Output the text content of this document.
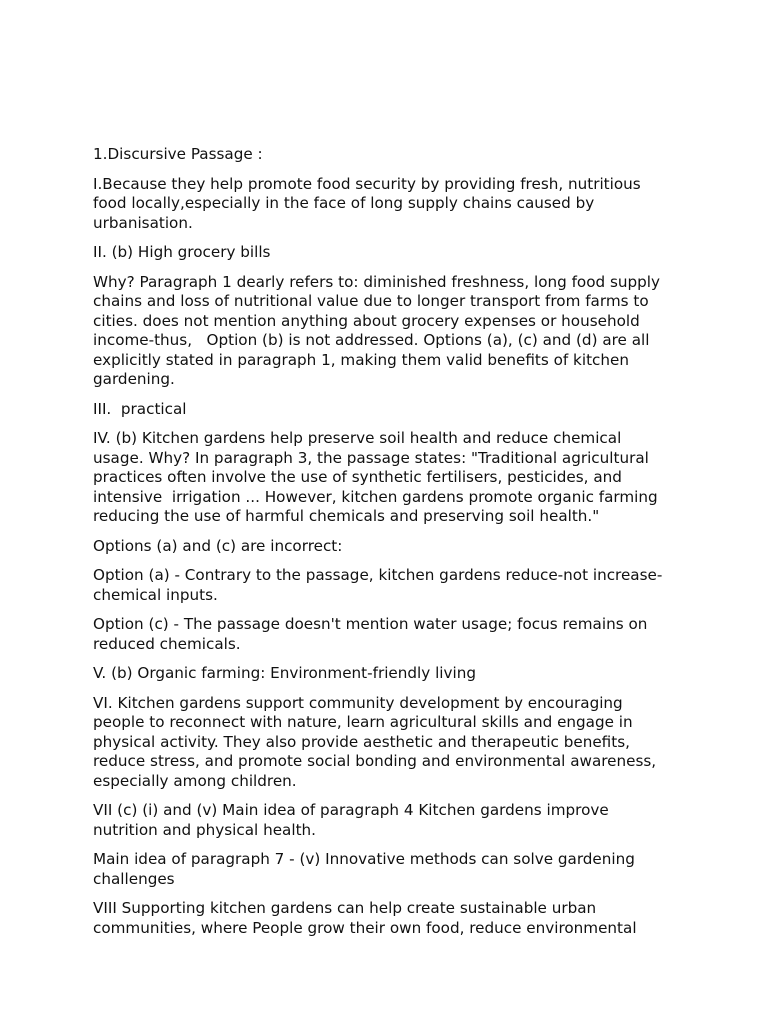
1.Discursive Passage :
I.Because they help promote food security by providing fresh, nutritious
food locally,especially in the face of long supply chains caused by
urbanisation.
II. (b) High grocery bills
Why? Paragraph 1 dearly refers to: diminished freshness, long food supply
chains and loss of nutritional value due to longer transport from farms to
cities. does not mention anything about grocery expenses or household
income-thus,   Option (b) is not addressed. Options (a), (c) and (d) are all
explicitly stated in paragraph 1, making them valid benefits of kitchen
gardening.
III.  practical
IV. (b) Kitchen gardens help preserve soil health and reduce chemical
usage. Why? In paragraph 3, the passage states: "Traditional agricultural
practices often involve the use of synthetic fertilisers, pesticides, and
intensive  irrigation ... However, kitchen gardens promote organic farming
reducing the use of harmful chemicals and preserving soil health."
Options (a) and (c) are incorrect:
Option (a) - Contrary to the passage, kitchen gardens reduce-not increase-
chemical inputs.
Option (c) - The passage doesn't mention water usage; focus remains on
reduced chemicals.
V. (b) Organic farming: Environment-friendly living
VI. Kitchen gardens support community development by encouraging
people to reconnect with nature, learn agricultural skills and engage in
physical activity. They also provide aesthetic and therapeutic benefits,
reduce stress, and promote social bonding and environmental awareness,
especially among children.
VII (c) (i) and (v) Main idea of paragraph 4 Kitchen gardens improve
nutrition and physical health.
Main idea of paragraph 7 - (v) Innovative methods can solve gardening
challenges
VIII Supporting kitchen gardens can help create sustainable urban
communities, where People grow their own food, reduce environmental
